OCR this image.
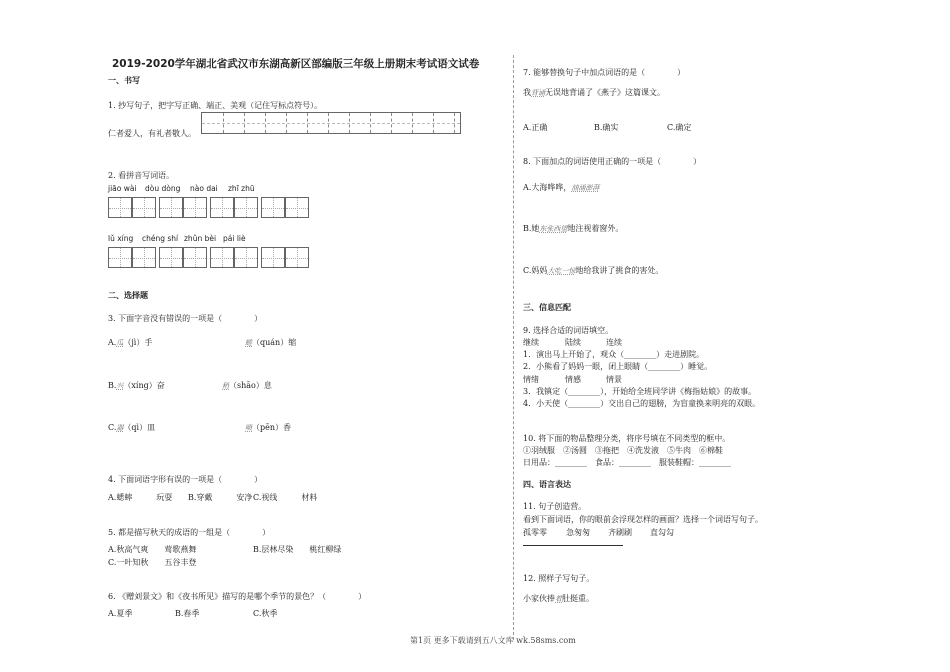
2019-2020学年湖北省武汉市东湖高新区部编版三年级上册期末考试语文试卷
一、书写
1. 抄写句子，把字写正确、端正、美观（记住写标点符号）。
仁者爱人，有礼者敬人。
2. 看拼音写词语。
jiāo wài dòu dòng nào dai zhī zhū
lǔ xíng chéng shí zhǔn bèi pái liè
二、选择题
3. 下面字音没有错误的一项是（　　　　）
A.瓜（jì）手	蜷（quán）缩
B.兴（xíng）奋	稍（shāo）息
C.器（qì）皿	喷（pēn）香
4. 下面词语字形有误的一项是（　　　　）
A.蟋蟀　　　玩耍 B.穿戴　　　安净 C.视线　　　材料
5. 都是描写秋天的成语的一组是（　　　　）
A.秋高气爽　　莺歌燕舞	B.层林尽染　　桃红柳绿
C.一叶知秋　　五谷丰登
6. 《赠刘景文》和《夜书所见》描写的是哪个季节的景色？（　　　　）
A.夏季	B.春季	C.秋季
7. 能够替换句子中加点词语的是（　　　　）
我背诵无误地背诵了《燕子》这篇课文。
A.正确	B.确实	C.确定
8. 下面加点的词语使用正确的一项是（　　　　）
A.大海哗哗，汹涌澎湃
B.她东张西望地注视着窗外。
C.妈妈大吃一惊地给我讲了挑食的害处。
三、信息匹配
9. 选择合适的词语填空。
继续	陆续	连续
1．演出马上开始了，观众（________）走进剧院。
2．小熊看了妈妈一眼，闭上眼睛（________）睡觉。
情绪	情感	情景
3．我镇定（________），开始给全班同学讲《梅指姑娘》的故事。
4．小天使（________）交出自己的翅膀，为盲童换来明亮的双眼。
10. 将下面的物品整理分类，将序号填在不同类型的框中。
①羽绒服　②汤圆　③拖把　④洗发液　⑤牛肉　⑥棉鞋
日用品：________　食品：________　服装鞋帽：________
四、语言表达
11. 句子创造营。
看到下面词语，你的眼前会浮现怎样的画面？选择一个词语写句子。
孤零零 急匆匆 齐刷刷 直勾勾
12. 照样子写句子。
小家伙捧着肚挺重。
第1页 更多下载请到五八文库 wk.58sms.com
